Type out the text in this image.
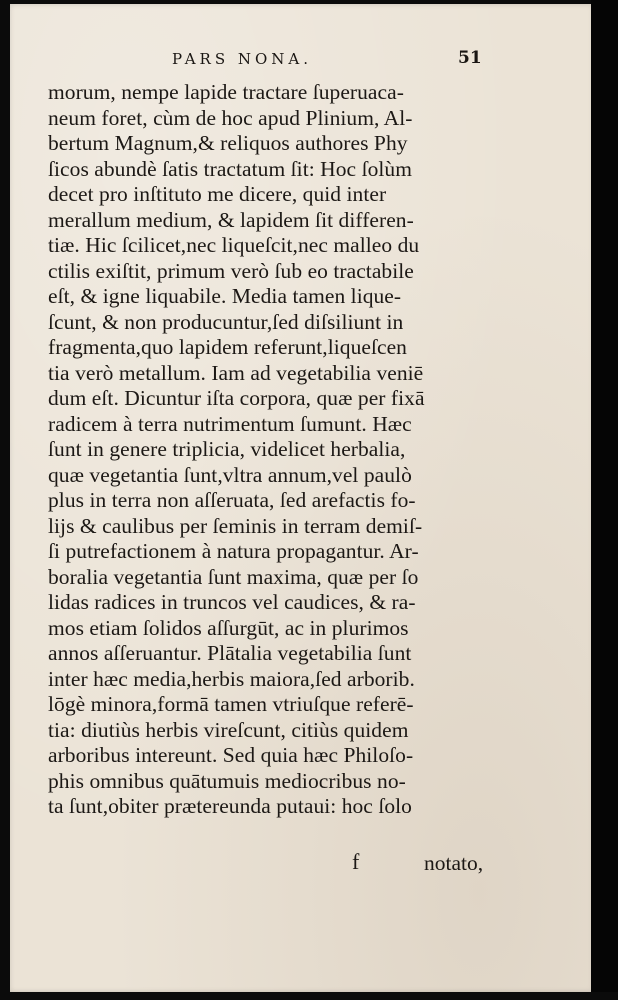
PARS NONA.	51
morum, nempe lapide tractare ſuperuaca-
neum foret, cùm de hoc apud Plinium, Al-
bertum Magnum,& reliquos authores Phy
ſicos abundè ſatis tractatum ſit: Hoc ſolùm
decet pro inſtituto me dicere, quid inter
merallum medium, & lapidem ſit differen-
tiæ. Hic ſcilicet,nec liqueſcit,nec malleo du
ctilis exiſtit, primum verò ſub eo tractabile
eſt, & igne liquabile. Media tamen lique-
ſcunt, & non producuntur,ſed diſsiliunt in
fragmenta,quo lapidem referunt,liqueſcen
tia verò metallum. Iam ad vegetabilia veniē
dum eſt. Dicuntur iſta corpora, quæ per fixā
radicem à terra nutrimentum ſumunt. Hæc
ſunt in genere triplicia, videlicet herbalia,
quæ vegetantia ſunt,vltra annum,vel paulò
plus in terra non aſſeruata, ſed arefactis fo-
lijs & caulibus per ſeminis in terram demiſ-
ſi putrefactionem à natura propagantur. Ar-
boralia vegetantia ſunt maxima, quæ per ſo
lidas radices in truncos vel caudices, & ra-
mos etiam ſolidos aſſurgūt, ac in plurimos
annos aſſeruantur. Plātalia vegetabilia ſunt
inter hæc media,herbis maiora,ſed arborib.
lōgè minora,formā tamen vtriuſque referē-
tia: diutiùs herbis vireſcunt, citiùs quidem
arboribus intereunt. Sed quia hæc Philoſo-
phis omnibus quātumuis mediocribus no-
ta ſunt,obiter prætereunda putaui: hoc ſolo
f	notato,
